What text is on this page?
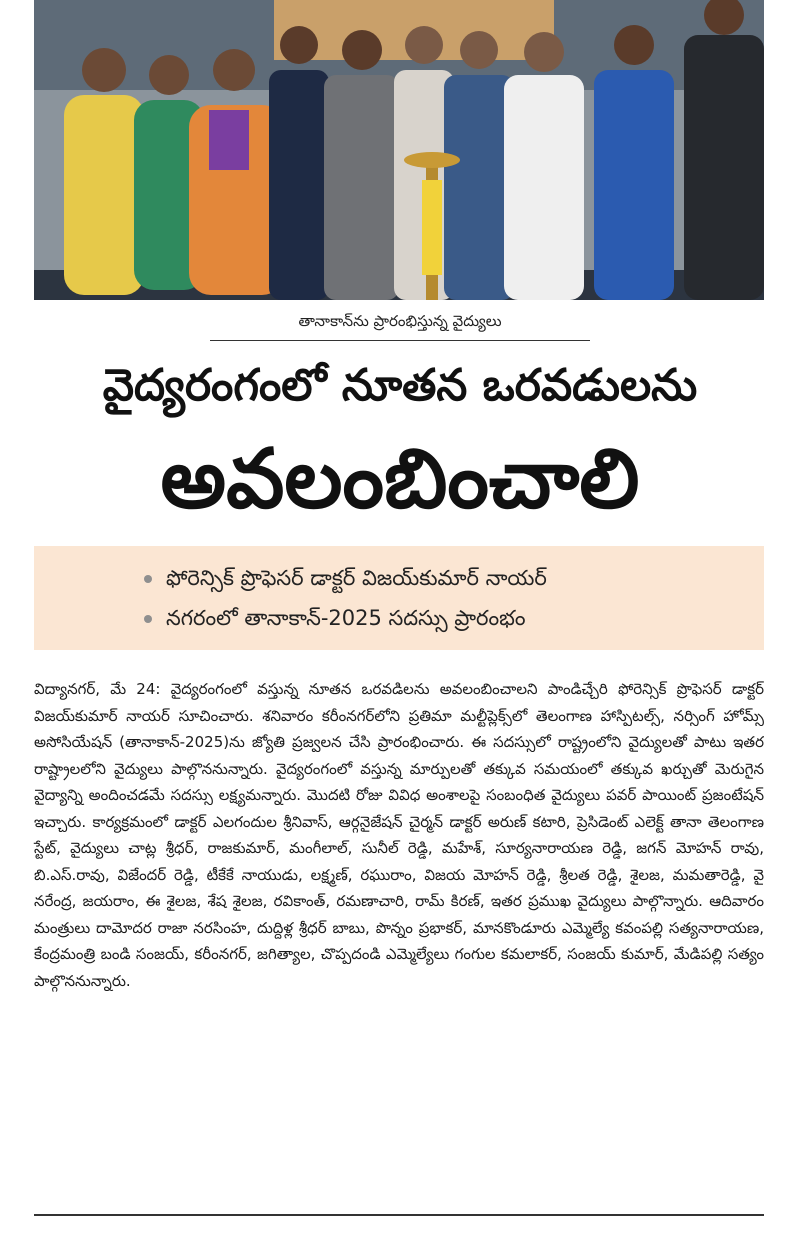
తానాకాన్‌ను ప్రారంభిస్తున్న వైద్యులు
వైద్యరంగంలో నూతన ఒరవడులను
అవలంబించాలి
ఫోరెన్సిక్ ప్రొఫెసర్ డాక్టర్ విజయ్‌కుమార్ నాయర్
నగరంలో తానాకాన్-2025 సదస్సు ప్రారంభం

విద్యానగర్, మే 24: వైద్యరంగంలో వస్తున్న నూతన ఒరవడిలను అవలంబించాలని పాండిచ్చేరి ఫోరెన్సిక్ ప్రొఫెసర్ డాక్టర్ విజయ్‌కుమార్ నాయర్ సూచించారు. శనివారం కరీంనగర్‌లోని ప్రతిమా మల్టీప్లెక్స్‌లో తెలంగాణ హాస్పిటల్స్, నర్సింగ్ హోమ్స్ అసోసియేషన్ (తానాకాన్-2025)ను జ్యోతి ప్రజ్వలన చేసి ప్రారంభించారు. ఈ సదస్సులో రాష్ట్రంలోని వైద్యులతో పాటు ఇతర రాష్ట్రాలలోని వైద్యులు పాల్గొననున్నారు. వైద్యరంగంలో వస్తున్న మార్పులతో తక్కువ సమయంలో తక్కువ ఖర్చుతో మెరుగైన వైద్యాన్ని అందించడమే సదస్సు లక్ష్యమన్నారు. మొదటి రోజు వివిధ అంశాలపై సంబంధిత వైద్యులు పవర్ పాయింట్ ప్రజంటేషన్ ఇచ్చారు. కార్యక్రమంలో డాక్టర్ ఎలగందుల శ్రీనివాస్, ఆర్గనైజేషన్ చైర్మన్ డాక్టర్ అరుణ్ కటారి, ప్రెసిడెంట్ ఎలెక్ట్ తానా తెలంగాణ స్టేట్, వైద్యులు చాట్ల శ్రీధర్, రాజకుమార్, మంగీలాల్, సునీల్ రెడ్డి, మహేశ్, సూర్యనారాయణ రెడ్డి, జగన్ మోహన్ రావు, బి.ఎస్.రావు, విజేందర్ రెడ్డి, టీకేకే నాయుడు, లక్ష్మణ్, రఘురాం, విజయ మోహన్ రెడ్డి, శ్రీలత రెడ్డి, శైలజ, మమతారెడ్డి, వై నరేంద్ర, జయరాం, ఈ శైలజ, శేష శైలజ, రవికాంత్, రమణాచారి, రామ్ కిరణ్, ఇతర ప్రముఖ వైద్యులు పాల్గొన్నారు. ఆదివారం మంత్రులు దామోదర రాజా నరసింహ, దుద్దిళ్ల శ్రీధర్ బాబు, పొన్నం ప్రభాకర్, మానకొండూరు ఎమ్మెల్యే కవంపల్లి సత్యనారాయణ, కేంద్రమంత్రి బండి సంజయ్, కరీంనగర్, జగిత్యాల, చొప్పదండి ఎమ్మెల్యేలు గంగుల కమలాకర్, సంజయ్ కుమార్, మేడిపల్లి సత్యం పాల్గొననున్నారు.
